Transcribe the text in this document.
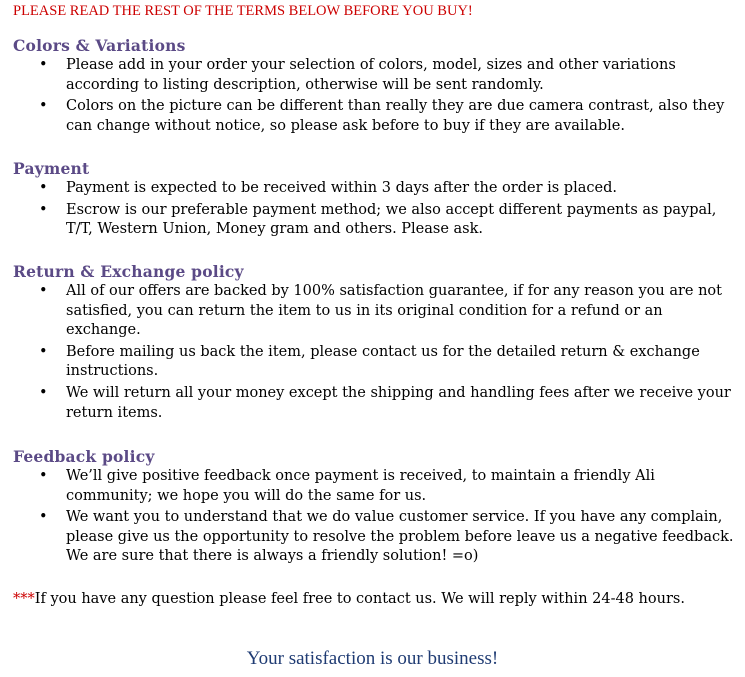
PLEASE READ THE REST OF THE TERMS BELOW BEFORE YOU BUY!
Colors & Variations
• Please add in your order your selection of colors, model, sizes and other variations according to listing description, otherwise will be sent randomly.
• Colors on the picture can be different than really they are due camera contrast, also they can change without notice, so please ask before to buy if they are available.
Payment
• Payment is expected to be received within 3 days after the order is placed.
• Escrow is our preferable payment method; we also accept different payments as paypal, T/T, Western Union, Money gram and others. Please ask.
Return & Exchange policy
• All of our offers are backed by 100% satisfaction guarantee, if for any reason you are not satisfied, you can return the item to us in its original condition for a refund or an exchange.
• Before mailing us back the item, please contact us for the detailed return & exchange instructions.
• We will return all your money except the shipping and handling fees after we receive your return items.
Feedback policy
• We’ll give positive feedback once payment is received, to maintain a friendly Ali community; we hope you will do the same for us.
• We want you to understand that we do value customer service. If you have any complain, please give us the opportunity to resolve the problem before leave us a negative feedback. We are sure that there is always a friendly solution! =o)
***If you have any question please feel free to contact us. We will reply within 24-48 hours.
Your satisfaction is our business!
